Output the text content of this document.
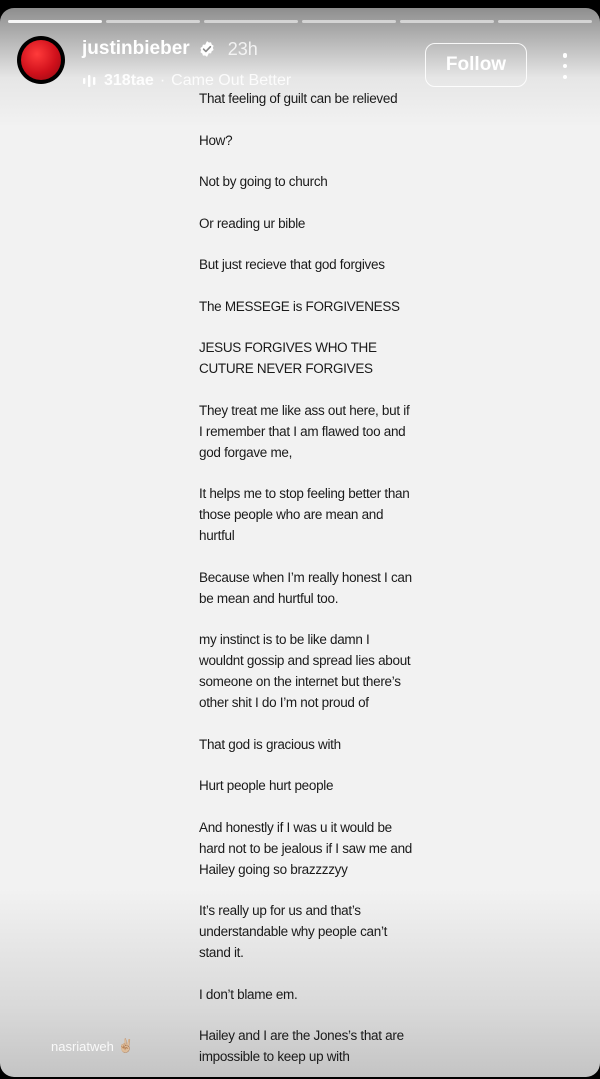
justinbieber 23h
318tae · Came Out Better
Follow

That feeling of guilt can be relieved

How?

Not by going to church

Or reading ur bible

But just recieve that god forgives

The MESSEGE is FORGIVENESS

JESUS FORGIVES WHO THE CUTURE NEVER FORGIVES

They treat me like ass out here, but if I remember that I am flawed too and god forgave me,

It helps me to stop feeling better than those people who are mean and hurtful

Because when I’m really honest I can be mean and hurtful too.

my instinct is to be like damn I wouldnt gossip and spread lies about someone on the internet but there’s other shit I do I’m not proud of

That god is gracious with

Hurt people hurt people

And honestly if I was u it would be hard not to be jealous if I saw me and Hailey going so brazzzzyy

It’s really up for us and that’s understandable why people can’t stand it.

I don’t blame em.

Hailey and I are the Jones’s that are impossible to keep up with

nasriatweh ✌🏼
